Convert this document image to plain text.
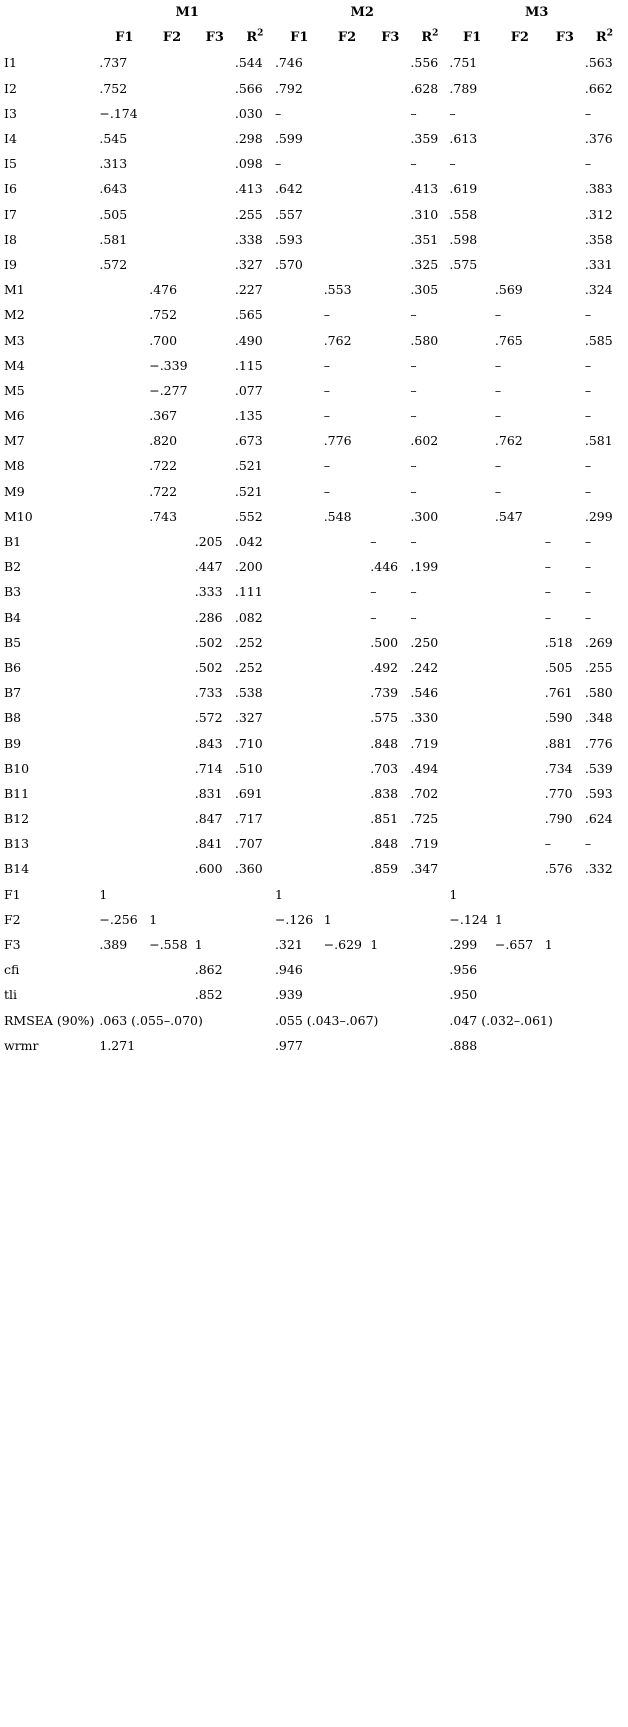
	M1				M2				M3			
	F1	F2	F3	$R^2$	F1	F2	F3	$R^2$	F1	F2	F3	$R^2$
I1	.737			.544	.746			.556	.751			.563
I2	.752			.566	.792			.628	.789			.662
I3	−.174			.030	–			–	–			–
I4	.545			.298	.599			.359	.613			.376
I5	.313			.098	–			–	–			–
I6	.643			.413	.642			.413	.619			.383
I7	.505			.255	.557			.310	.558			.312
I8	.581			.338	.593			.351	.598			.358
I9	.572			.327	.570			.325	.575			.331
M1		.476		.227		.553		.305		.569		.324
M2		.752		.565		–		–		–		–
M3		.700		.490		.762		.580		.765		.585
M4		−.339		.115		–		–		–		–
M5		−.277		.077		–		–		–		–
M6		.367		.135		–		–		–		–
M7		.820		.673		.776		.602		.762		.581
M8		.722		.521		–		–		–		–
M9		.722		.521		–		–		–		–
M10		.743		.552		.548		.300		.547		.299
B1			.205	.042			–	–			–	–
B2			.447	.200			.446	.199			–	–
B3			.333	.111			–	–			–	–
B4			.286	.082			–	–			–	–
B5			.502	.252			.500	.250			.518	.269
B6			.502	.252			.492	.242			.505	.255
B7			.733	.538			.739	.546			.761	.580
B8			.572	.327			.575	.330			.590	.348
B9			.843	.710			.848	.719			.881	.776
B10			.714	.510			.703	.494			.734	.539
B11			.831	.691			.838	.702			.770	.593
B12			.847	.717			.851	.725			.790	.624
B13			.841	.707			.848	.719			–	–
B14			.600	.360			.859	.347			.576	.332
F1	1				1				1			
F2	−.256	1			−.126	1			−.124	1		
F3	.389	−.558	1		.321	−.629	1		.299	−.657	1	
cfi			.862		.946				.956			
tli			.852		.939				.950			
RMSEA (90%)	.063 (.055–.070)				.055 (.043–.067)				.047 (.032–.061)			
wrmr	1.271				.977				.888			
